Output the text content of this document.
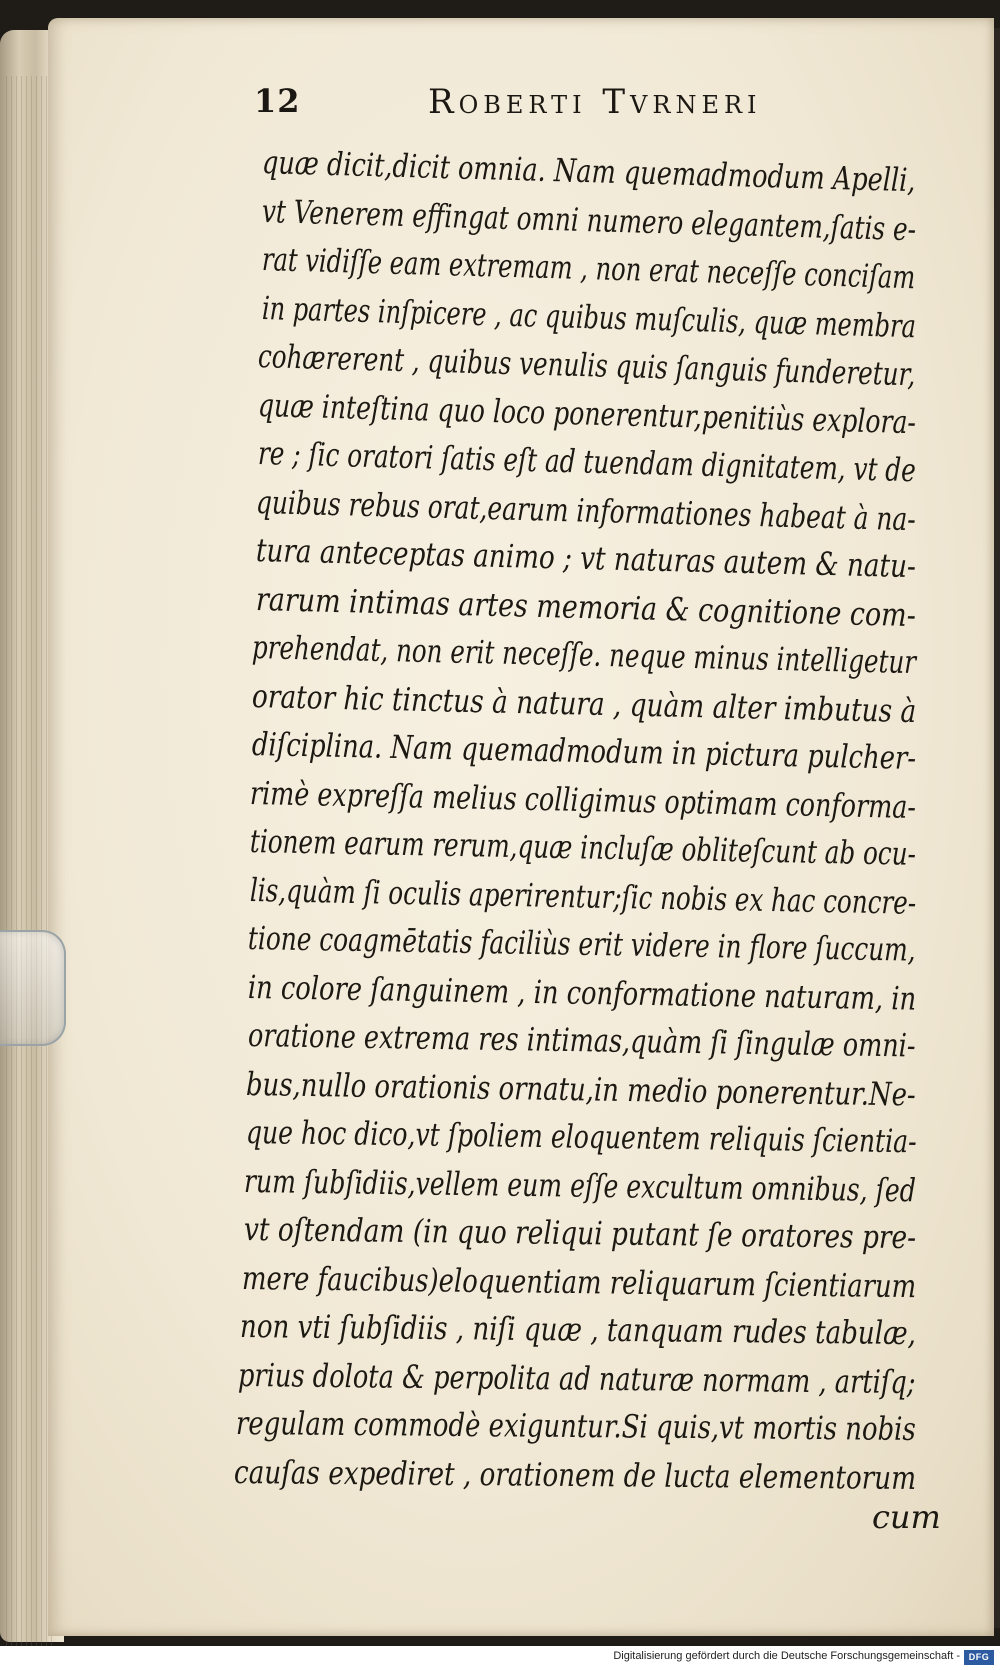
12	Roberti Tvrneri
quæ dicit,dicit omnia. Nam quemadmodum Apelli,
vt Venerem effingat omni numero elegantem,ſatis e-
rat vidiſſe eam extremam , non erat neceſſe conciſam
in partes inſpicere , ac quibus muſculis, quæ membra
cohærerent , quibus venulis quis ſanguis funderetur,
quæ inteſtina quo loco ponerentur,penitiùs explora-
re ; ſic oratori ſatis eſt ad tuendam dignitatem, vt de
quibus rebus orat,earum informationes habeat à na-
tura anteceptas animo ; vt naturas autem & natu-
rarum intimas artes memoria & cognitione com-
prehendat, non erit neceſſe. neque minus intelligetur
orator hic tinctus à natura , quàm alter imbutus à
diſciplina. Nam quemadmodum in pictura pulcher-
rimè expreſſa melius colligimus optimam conforma-
tionem earum rerum,quæ incluſæ obliteſcunt ab ocu-
lis,quàm ſi oculis aperirentur;ſic nobis ex hac concre-
tione coagmētatis faciliùs erit videre in flore ſuccum,
in colore ſanguinem , in conformatione naturam, in
oratione extrema res intimas,quàm ſi ſingulæ omni-
bus,nullo orationis ornatu,in medio ponerentur.Ne-
que hoc dico,vt ſpoliem eloquentem reliquis ſcientia-
rum ſubſidiis,vellem eum eſſe excultum omnibus, ſed
vt oſtendam (in quo reliqui putant ſe oratores pre-
mere faucibus)eloquentiam reliquarum ſcientiarum
non vti ſubſidiis , niſi quæ , tanquam rudes tabulæ,
prius dolota & perpolita ad naturæ normam , artiſq;
regulam commodè exiguntur.Si quis,vt mortis nobis
cauſas expediret , orationem de lucta elementorum
cum
Digitalisierung gefördert durch die Deutsche Forschungsgemeinschaft - DFG
